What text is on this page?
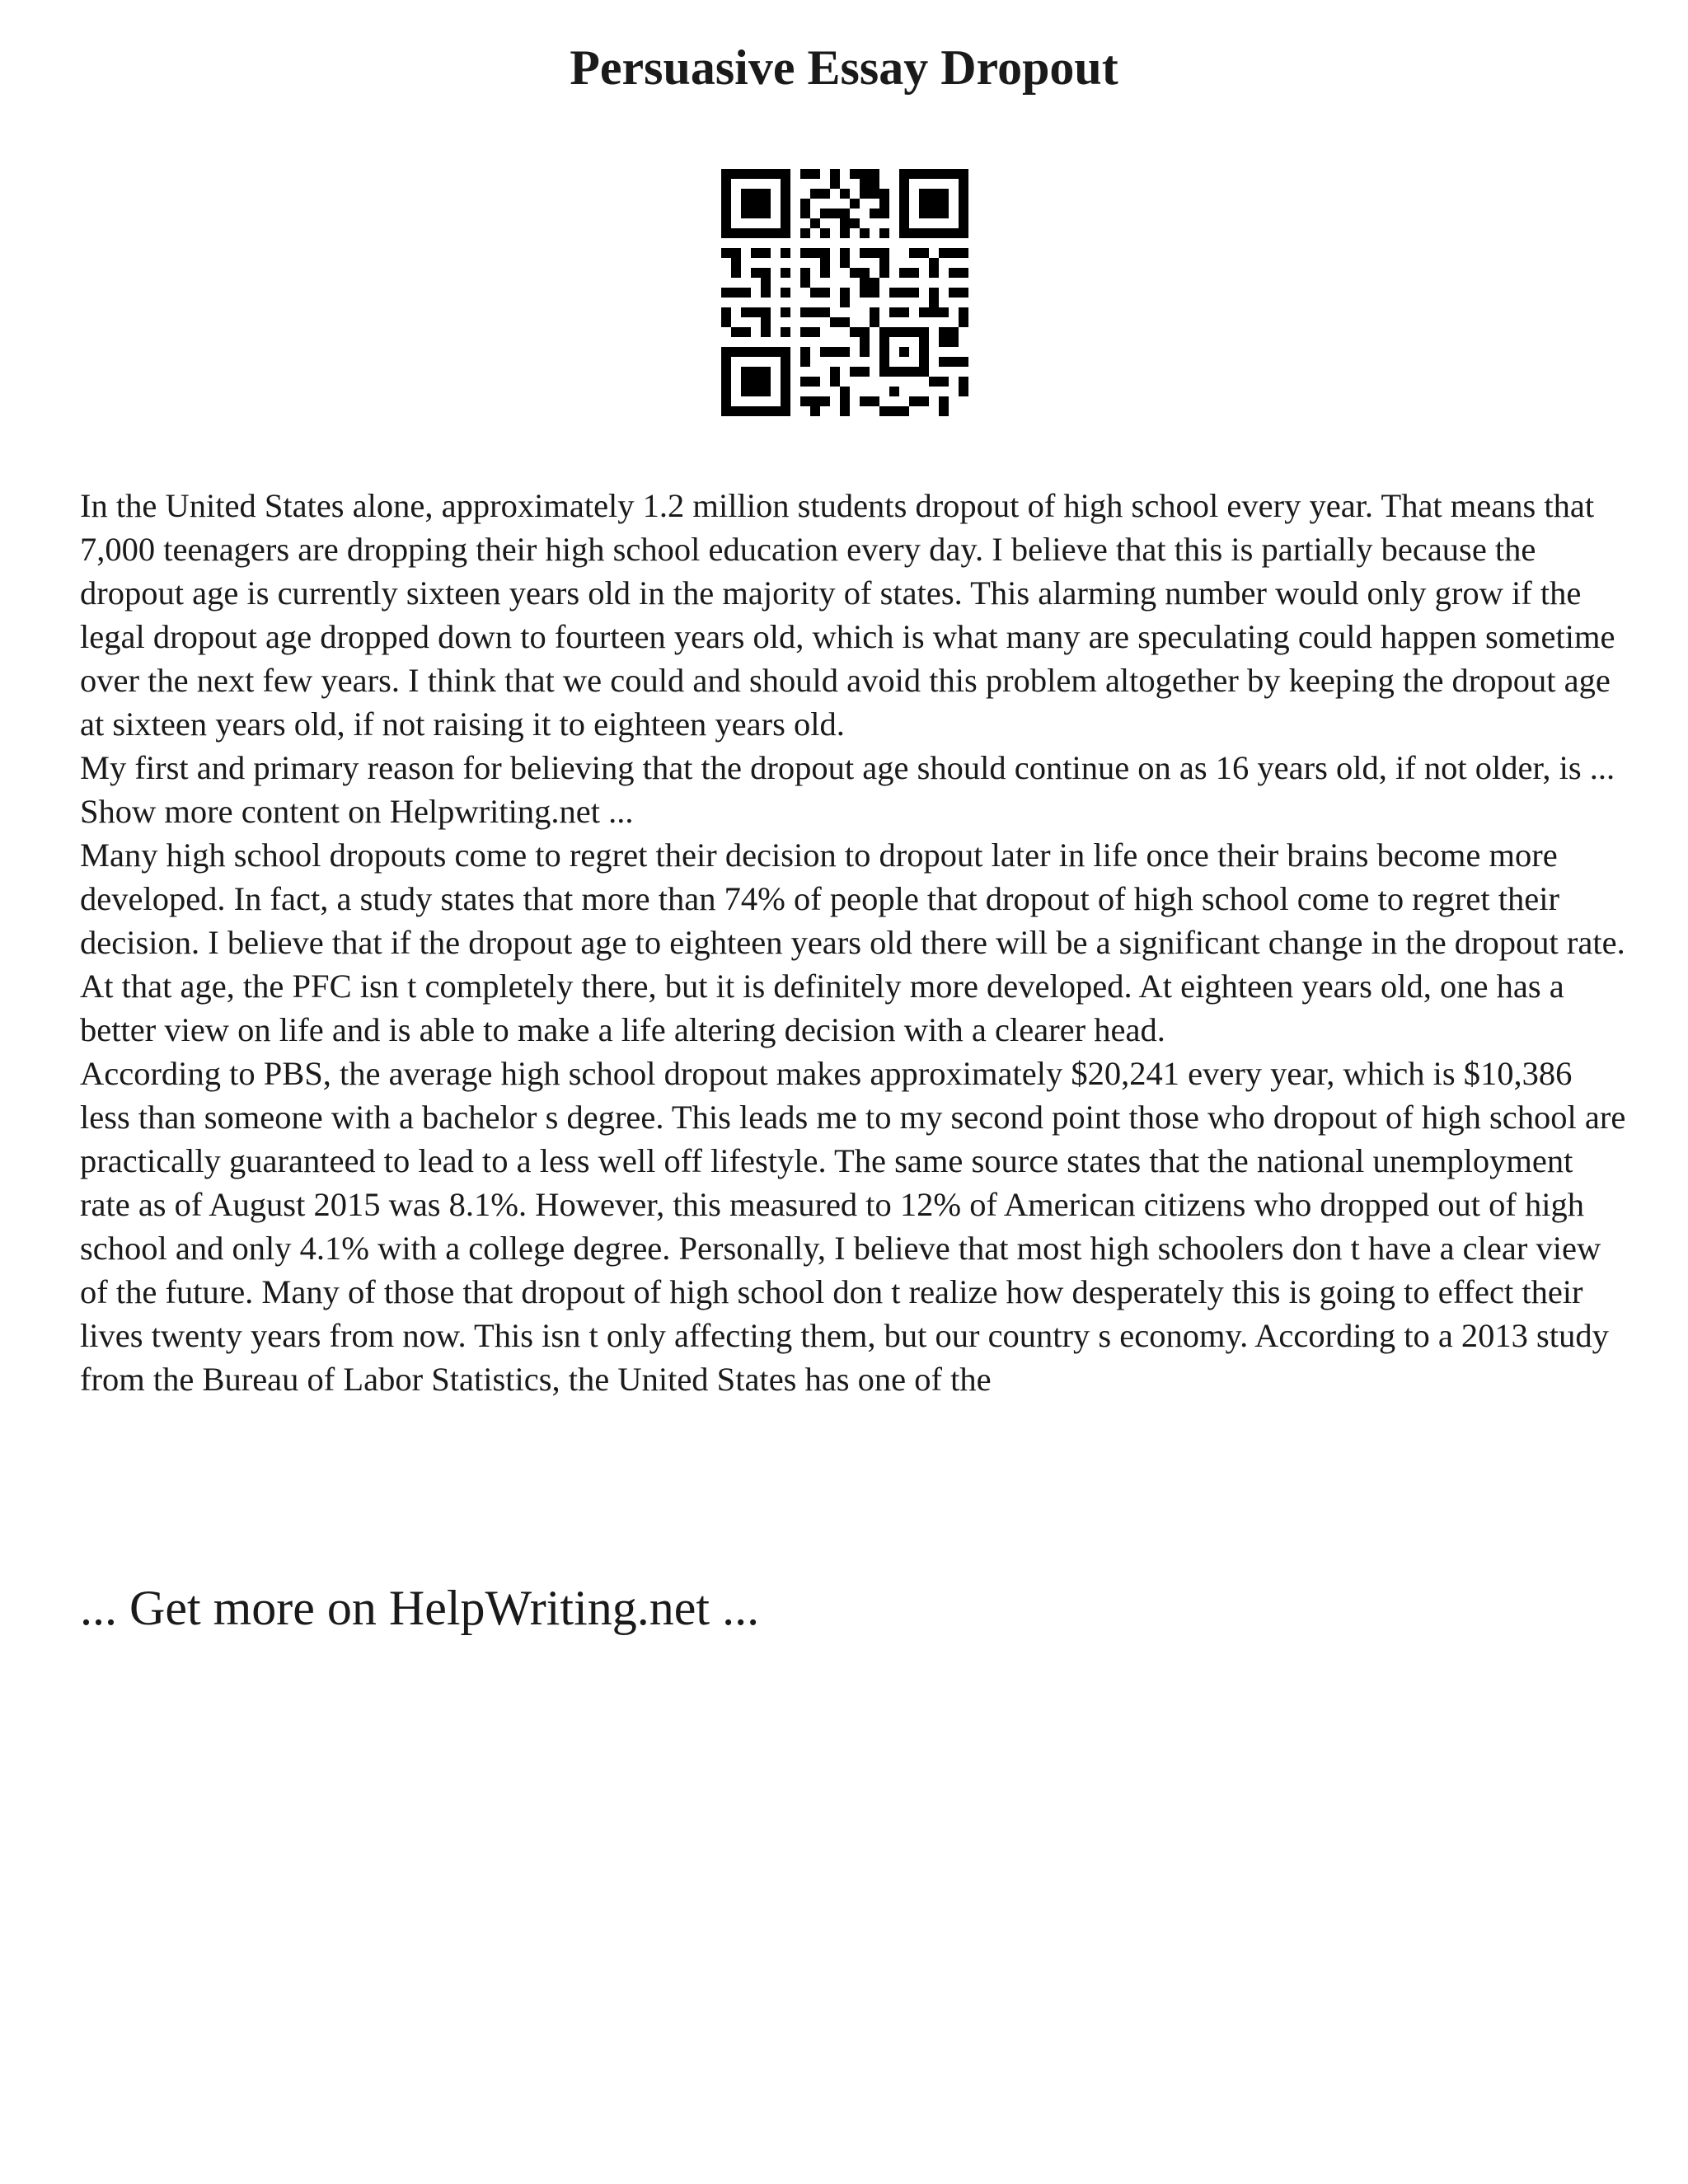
Persuasive Essay Dropout

In the United States alone, approximately 1.2 million students dropout of high school every year. That means that 7,000 teenagers are dropping their high school education every day. I believe that this is partially because the dropout age is currently sixteen years old in the majority of states. This alarming number would only grow if the legal dropout age dropped down to fourteen years old, which is what many are speculating could happen sometime over the next few years. I think that we could and should avoid this problem altogether by keeping the dropout age at sixteen years old, if not raising it to eighteen years old.

My first and primary reason for believing that the dropout age should continue on as 16 years old, if not older, is ... Show more content on Helpwriting.net ...

Many high school dropouts come to regret their decision to dropout later in life once their brains become more developed. In fact, a study states that more than 74% of people that dropout of high school come to regret their decision. I believe that if the dropout age to eighteen years old there will be a significant change in the dropout rate. At that age, the PFC isn t completely there, but it is definitely more developed. At eighteen years old, one has a better view on life and is able to make a life altering decision with a clearer head.

According to PBS, the average high school dropout makes approximately $20,241 every year, which is $10,386 less than someone with a bachelor s degree. This leads me to my second point those who dropout of high school are practically guaranteed to lead to a less well off lifestyle. The same source states that the national unemployment rate as of August 2015 was 8.1%. However, this measured to 12% of American citizens who dropped out of high school and only 4.1% with a college degree. Personally, I believe that most high schoolers don t have a clear view of the future. Many of those that dropout of high school don t realize how desperately this is going to effect their lives twenty years from now. This isn t only affecting them, but our country s economy. According to a 2013 study from the Bureau of Labor Statistics, the United States has one of the

... Get more on HelpWriting.net ...
